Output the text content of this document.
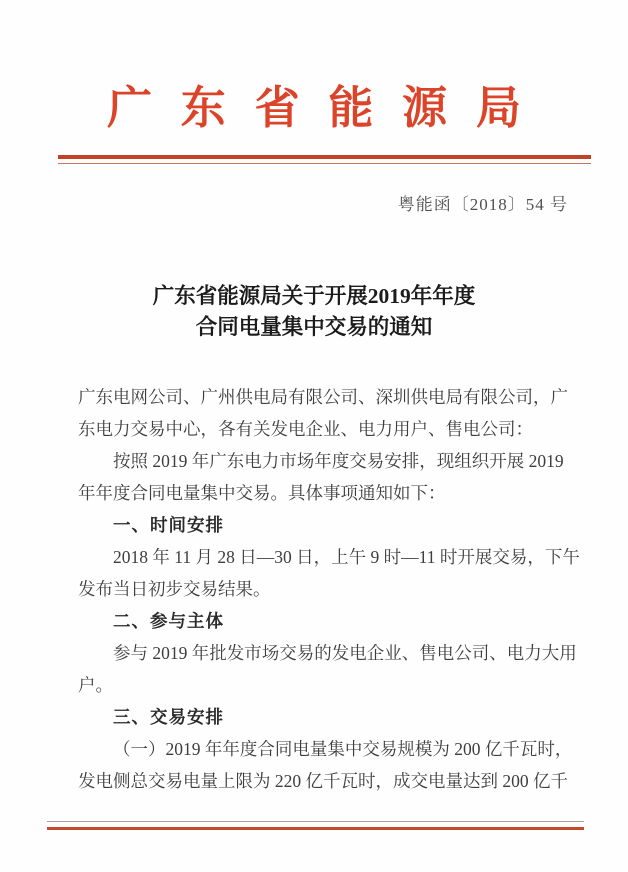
广东省能源局
粤能函〔2018〕54 号
广东省能源局关于开展2019年年度
合同电量集中交易的通知
广东电网公司、广州供电局有限公司、深圳供电局有限公司，广
东电力交易中心，各有关发电企业、电力用户、售电公司：
按照 2019 年广东电力市场年度交易安排，现组织开展 2019
年年度合同电量集中交易。具体事项通知如下：
一、时间安排
2018 年 11 月 28 日—30 日，上午 9 时—11 时开展交易，下午
发布当日初步交易结果。
二、参与主体
参与 2019 年批发市场交易的发电企业、售电公司、电力大用
户。
三、交易安排
（一）2019 年年度合同电量集中交易规模为 200 亿千瓦时，
发电侧总交易电量上限为 220 亿千瓦时，成交电量达到 200 亿千
